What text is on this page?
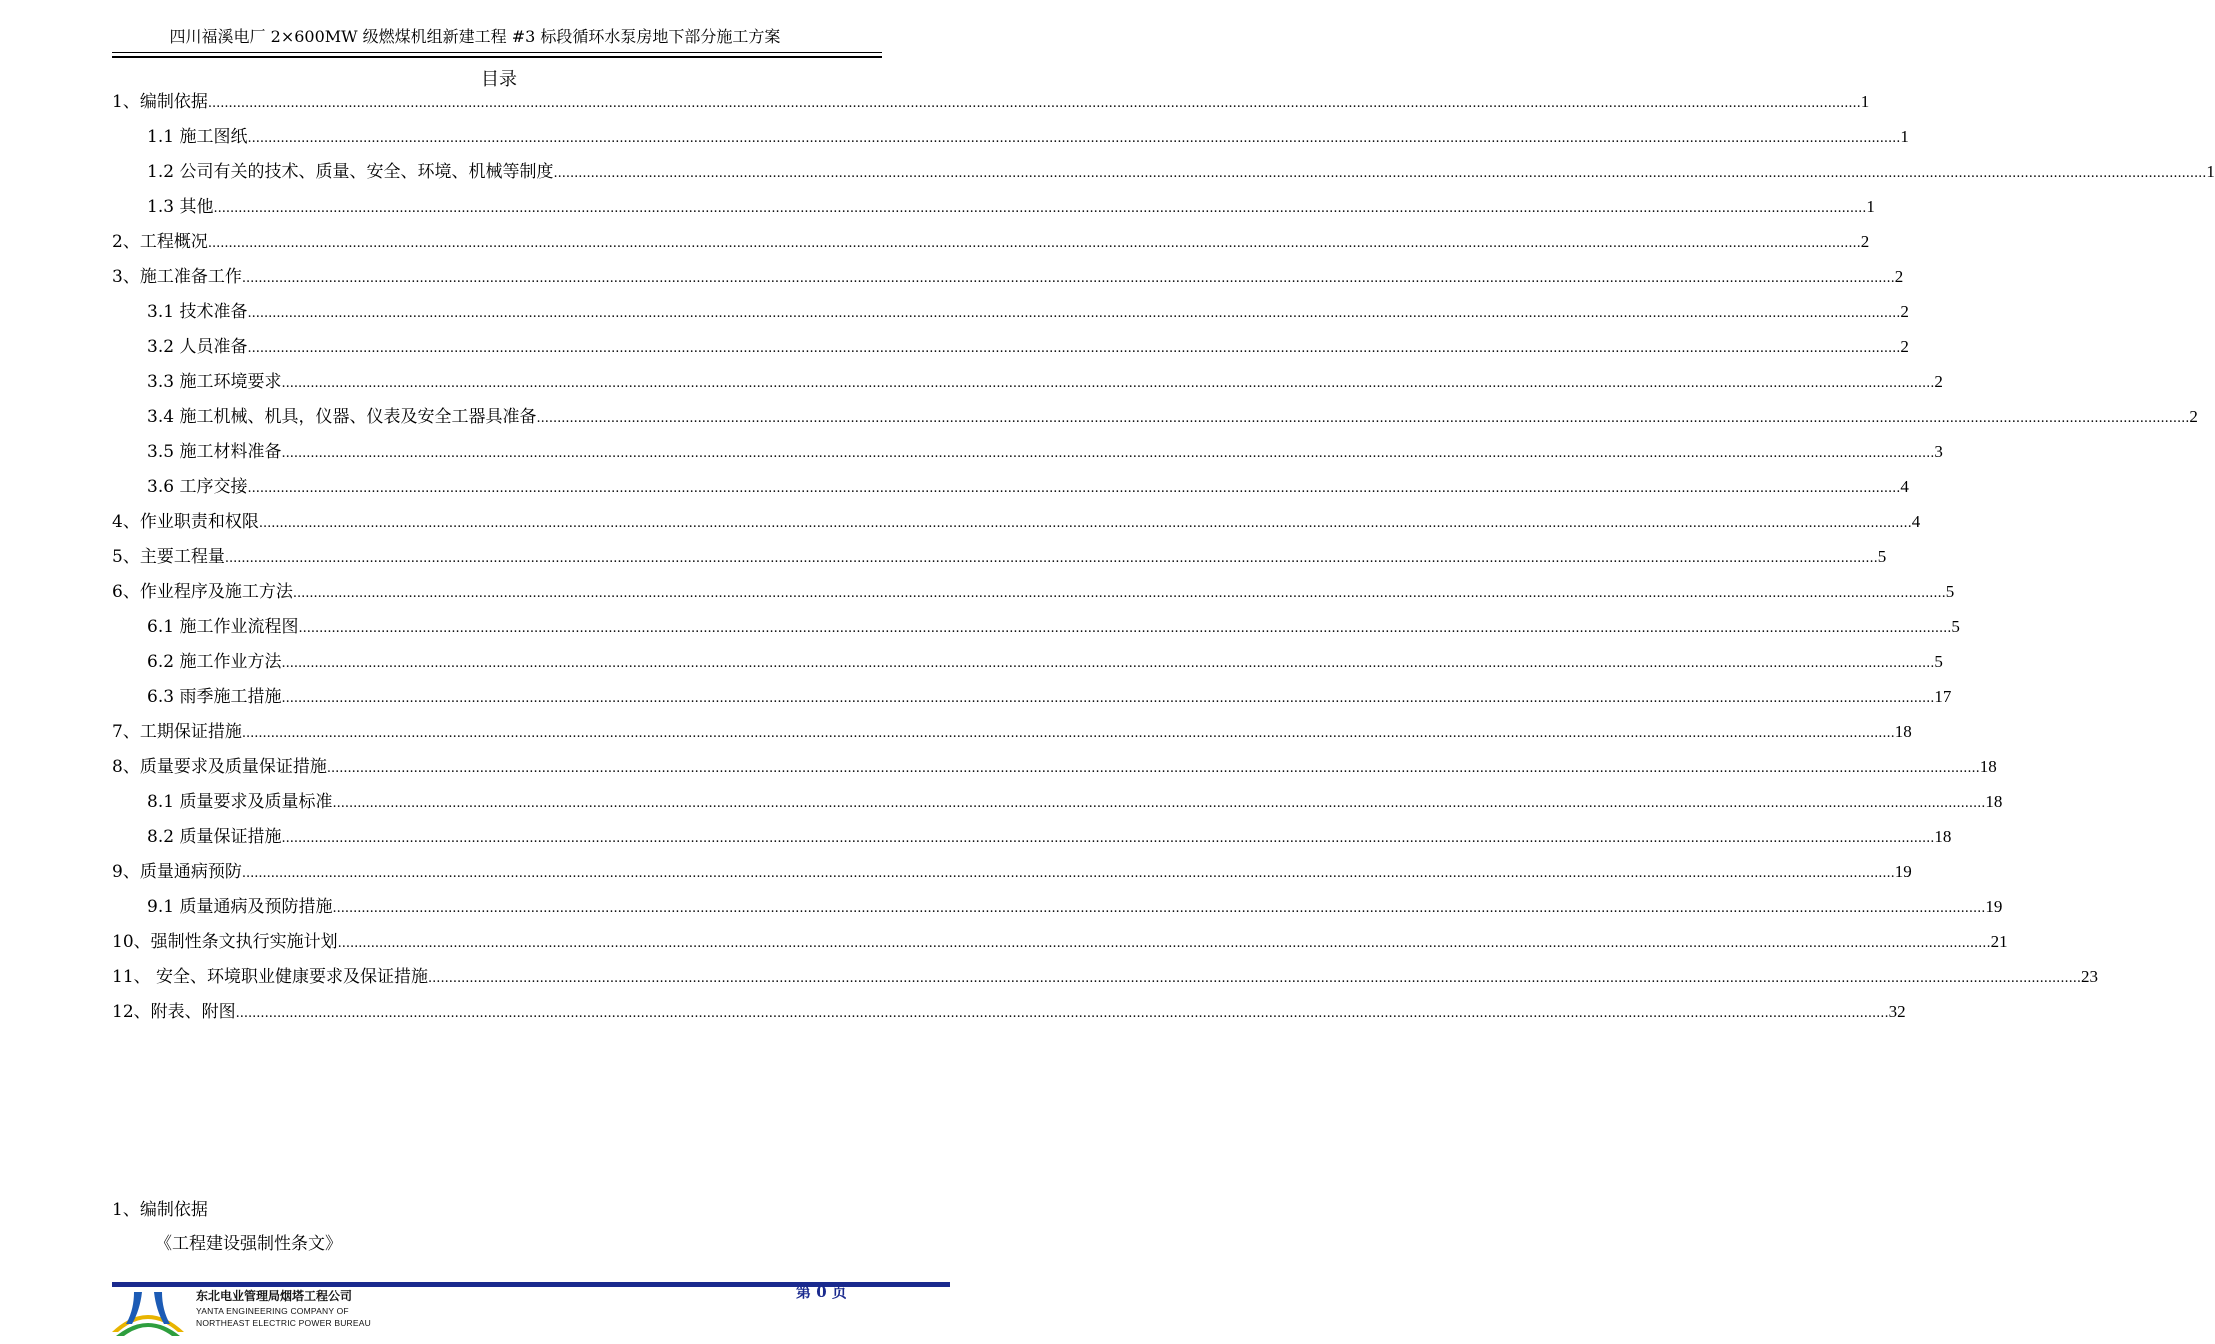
四川福溪电厂 2×600MW 级燃煤机组新建工程 #3 标段循环水泵房地下部分施工方案
目录
1、编制依据 ................................................................................................................................................................................................................................................................................................................................................................................................................ 1
1.1 施工图纸 ................................................................................................................................................................................................................................................................................................................................................................................................................ 1
1.2 公司有关的技术、质量、安全、环境、机械等制度 ................................................................................................................................................................................................................................................................................................................................................................................................................ 1
1.3 其他 ................................................................................................................................................................................................................................................................................................................................................................................................................ 1
2、工程概况 ................................................................................................................................................................................................................................................................................................................................................................................................................ 2
3、施工准备工作 ................................................................................................................................................................................................................................................................................................................................................................................................................ 2
3.1 技术准备 ................................................................................................................................................................................................................................................................................................................................................................................................................ 2
3.2 人员准备 ................................................................................................................................................................................................................................................................................................................................................................................................................ 2
3.3 施工环境要求 ................................................................................................................................................................................................................................................................................................................................................................................................................ 2
3.4 施工机械、机具，仪器、仪表及安全工器具准备 ................................................................................................................................................................................................................................................................................................................................................................................................................ 2
3.5 施工材料准备 ................................................................................................................................................................................................................................................................................................................................................................................................................ 3
3.6 工序交接 ................................................................................................................................................................................................................................................................................................................................................................................................................ 4
4、作业职责和权限 ................................................................................................................................................................................................................................................................................................................................................................................................................ 4
5、主要工程量 ................................................................................................................................................................................................................................................................................................................................................................................................................ 5
6、作业程序及施工方法 ................................................................................................................................................................................................................................................................................................................................................................................................................ 5
6.1 施工作业流程图 ................................................................................................................................................................................................................................................................................................................................................................................................................ 5
6.2 施工作业方法 ................................................................................................................................................................................................................................................................................................................................................................................................................ 5
6.3 雨季施工措施 ................................................................................................................................................................................................................................................................................................................................................................................................................ 17
7、工期保证措施 ................................................................................................................................................................................................................................................................................................................................................................................................................ 18
8、质量要求及质量保证措施 ................................................................................................................................................................................................................................................................................................................................................................................................................ 18
8.1 质量要求及质量标准 ................................................................................................................................................................................................................................................................................................................................................................................................................ 18
8.2 质量保证措施 ................................................................................................................................................................................................................................................................................................................................................................................................................ 18
9、质量通病预防 ................................................................................................................................................................................................................................................................................................................................................................................................................ 19
9.1 质量通病及预防措施 ................................................................................................................................................................................................................................................................................................................................................................................................................ 19
10、强制性条文执行实施计划 ................................................................................................................................................................................................................................................................................................................................................................................................................ 21
11、 安全、环境职业健康要求及保证措施 ................................................................................................................................................................................................................................................................................................................................................................................................................ 23
12、附表、附图 ................................................................................................................................................................................................................................................................................................................................................................................................................ 32
1、编制依据
《工程建设强制性条文》
第 0 页
东北电业管理局烟塔工程公司
YANTA ENGINEERING COMPANY OF
NORTHEAST ELECTRIC POWER BUREAU
